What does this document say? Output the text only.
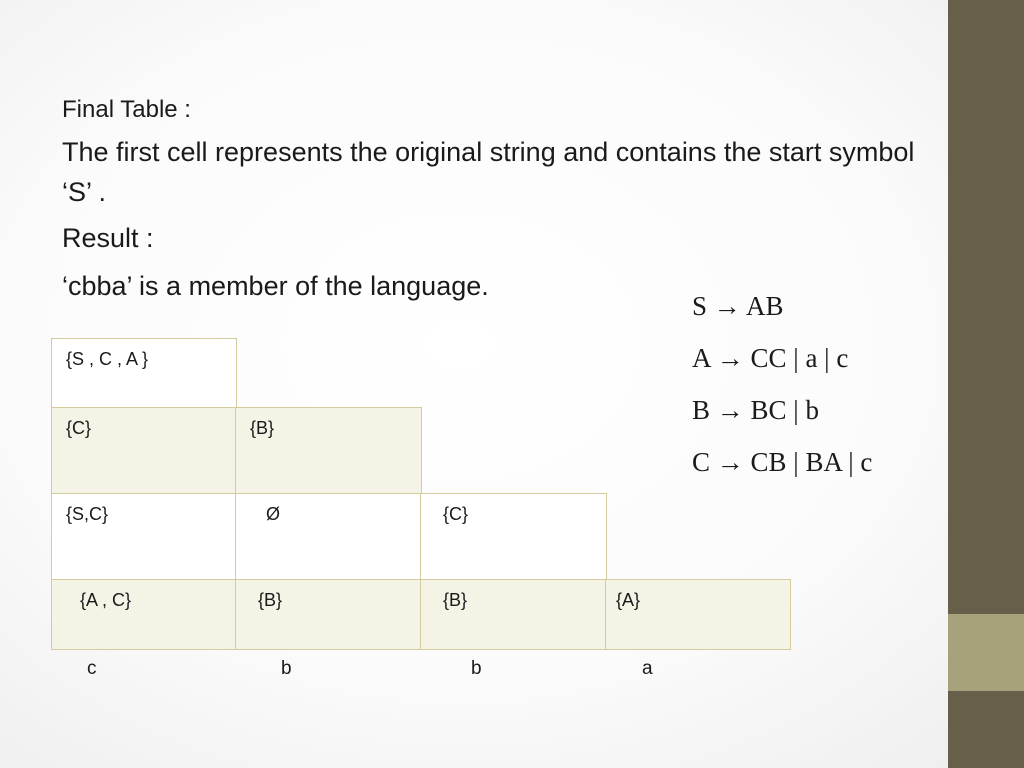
Final Table :
The first cell represents the original string and contains the start symbol ‘S’ .
Result :
‘cbba’ is a member of the language.
S → AB
A → CC | a | c
B → BC | b
C → CB | BA | c
{S , C , A }
{C}	{B}
{S,C}	Ø	{C}
{A , C}	{B}	{B}	{A}
c	b	b	a
